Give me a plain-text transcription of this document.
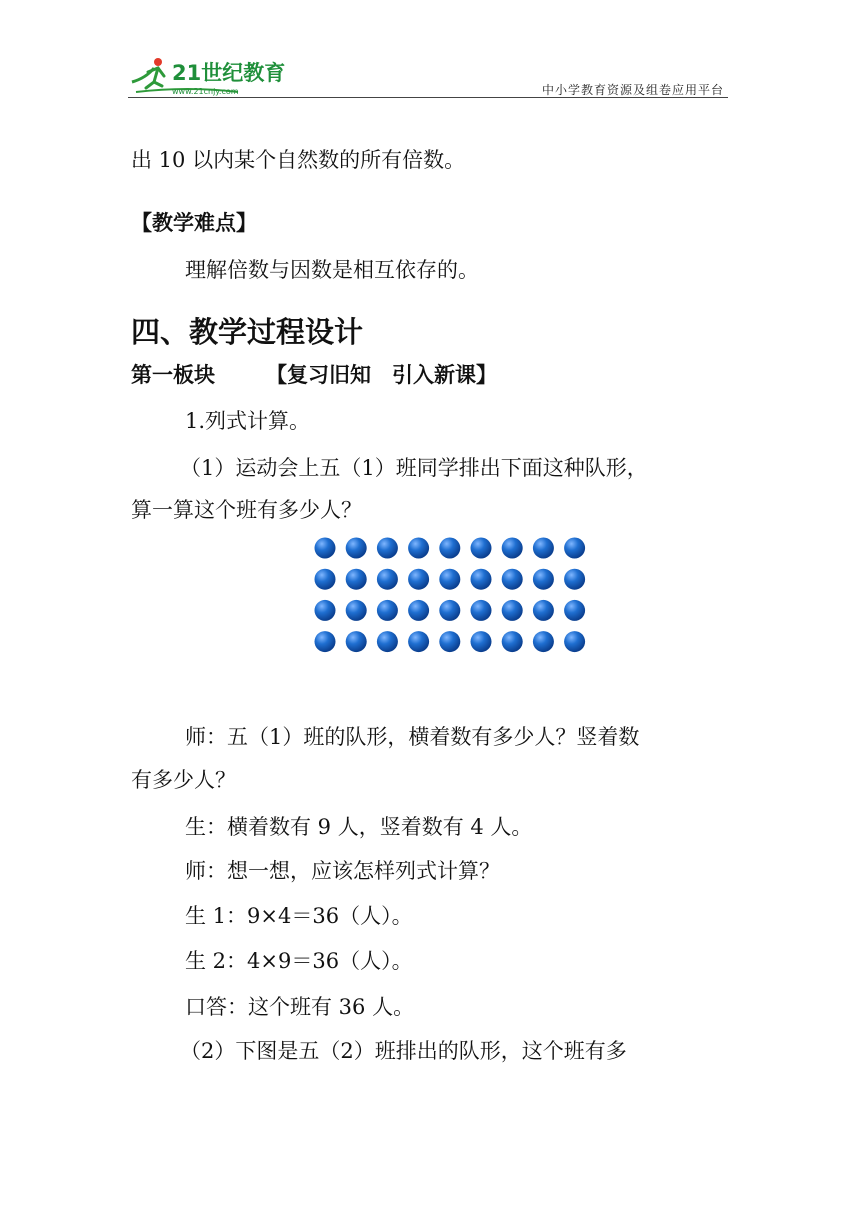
21世纪教育
www.21cnjy.com	中小学教育资源及组卷应用平台
出 10 以内某个自然数的所有倍数。
【教学难点】
理解倍数与因数是相互依存的。
四、教学过程设计
第一板块 【复习旧知　引入新课】
1.列式计算。
（1）运动会上五（1）班同学排出下面这种队形，
算一算这个班有多少人？
师：五（1）班的队形，横着数有多少人？竖着数
有多少人？
生：横着数有 9 人，竖着数有 4 人。
师：想一想，应该怎样列式计算？
生 1：9×4＝36（人）。
生 2：4×9＝36（人）。
口答：这个班有 36 人。
（2）下图是五（2）班排出的队形，这个班有多
